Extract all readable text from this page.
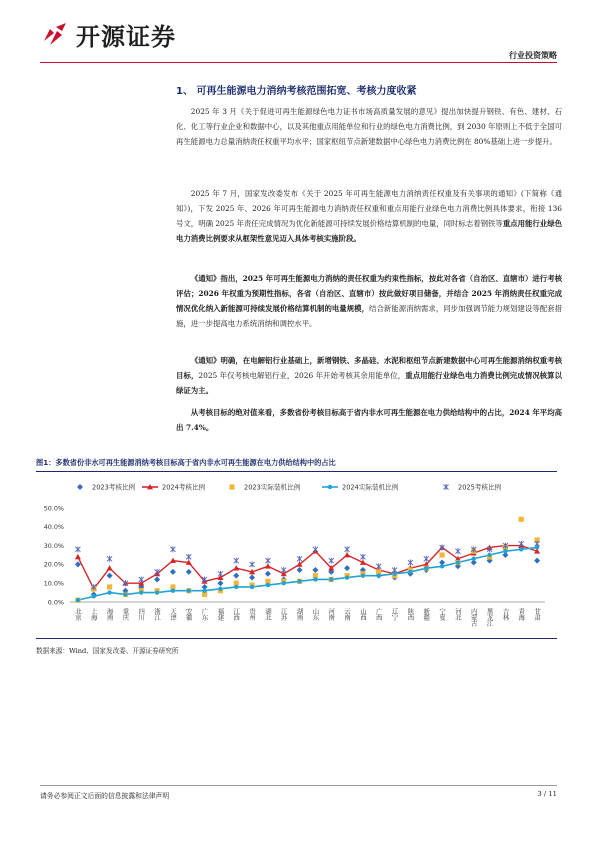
开源证券
行业投资策略
1、 可再生能源电力消纳考核范围拓宽、考核力度收紧
2025 年 3 月《关于促进可再生能源绿色电力证书市场高质量发展的意见》提出加快提升钢铁、有色、建材、石化、化工等行业企业和数据中心，以及其他重点用能单位和行业的绿色电力消费比例，到 2030 年原则上不低于全国可再生能源电力总量消纳责任权重平均水平；国家枢纽节点新建数据中心绿色电力消费比例在 80%基础上进一步提升。
2025 年 7 月，国家发改委发布《关于 2025 年可再生能源电力消纳责任权重及有关事项的通知》(下简称《通知》)，下发 2025 年、2026 年可再生能源电力消纳责任权重和重点用能行业绿色电力消费比例具体要求，衔接 136 号文，明确 2025 年责任完成情况为优化新能源可持续发展价格结算机制的电量，同时标志着钢铁等重点用能行业绿色电力消费比例要求从框架性意见迈入具体考核实施阶段。
《通知》指出，2025 年可再生能源电力消纳的责任权重为约束性指标，按此对各省（自治区、直辖市）进行考核评估；2026 年权重为预期性指标，各省（自治区、直辖市）按此做好项目储备，并结合 2025 年消纳责任权重完成情况优化纳入新能源可持续发展价格结算机制的电量规模，结合新能源消纳需求，同步加强调节能力规划建设等配套措施，进一步提高电力系统消纳和调控水平。
《通知》明确，在电解铝行业基础上，新增钢铁、多晶硅、水泥和枢纽节点新建数据中心可再生能源消纳权重考核目标，2025 年仅考核电解铝行业，2026 年开始考核其余用能单位，重点用能行业绿色电力消费比例完成情况核算以绿证为主。
从考核目标的绝对值来看，多数省份考核目标高于省内非水可再生能源在电力供给结构中的占比，2024 年平均高出 7.4%。
图1：多数省份非水可再生能源消纳考核目标高于省内非水可再生能源在电力供给结构中的占比
2023考核比例	2024考核比例	2023实际装机比例	2024实际装机比例	2025考核比例
0.0%
10.0%
20.0%
30.0%
40.0%
50.0%
北京 上海 海南 重庆 四川 浙江 天津 安徽 广东 福建 江西 贵州 湖北 江苏 湖南 山东 河南 云南 山西 广西 辽宁 陕西 新疆 宁夏 河北 内蒙古 黑龙江 吉林 青海 甘肃
数据来源：Wind、国家发改委、开源证券研究所
请务必参阅正文后面的信息披露和法律声明	3 / 11
